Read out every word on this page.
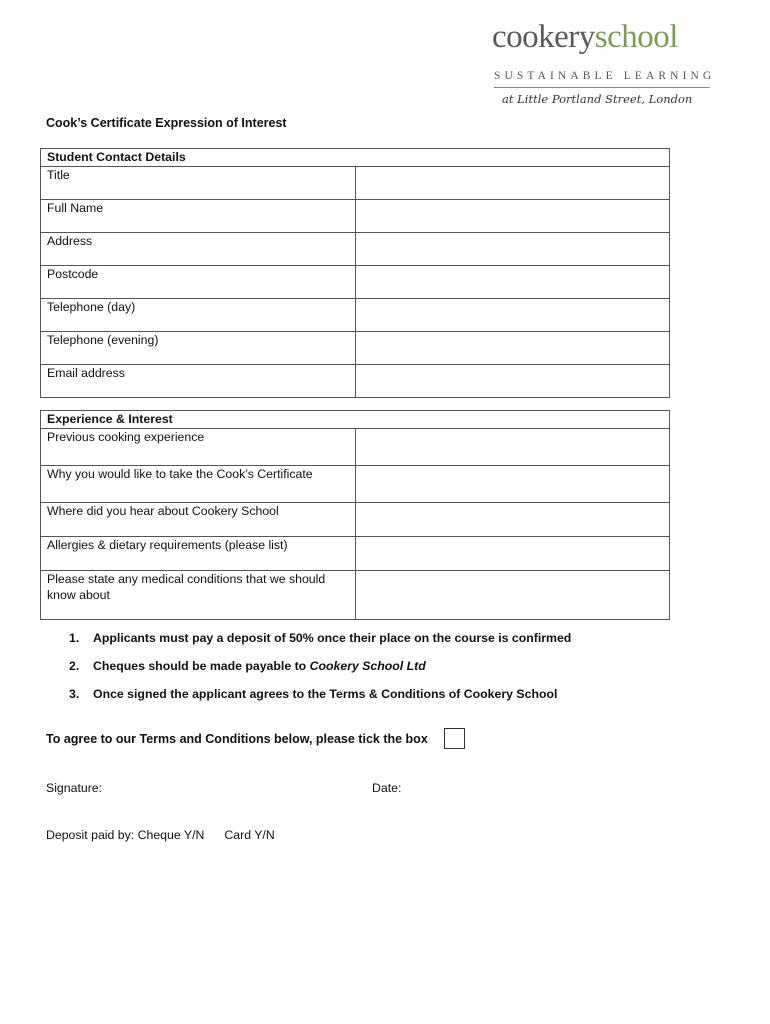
cookeryschool
SUSTAINABLE LEARNING
at Little Portland Street, London
Cook’s Certificate Expression of Interest
Student Contact Details	
Title	
Full Name	
Address	
Postcode	
Telephone (day)	
Telephone (evening)	
Email address	
Experience & Interest	
Previous cooking experience	
Why you would like to take the Cook’s Certificate	
Where did you hear about Cookery School	
Allergies & dietary requirements (please list)	
Please state any medical conditions that we should know about	
1. Applicants must pay a deposit of 50% once their place on the course is confirmed
2. Cheques should be made payable to Cookery School Ltd
3. Once signed the applicant agrees to the Terms & Conditions of Cookery School
To agree to our Terms and Conditions below, please tick the box
Signature:	Date:
Deposit paid by: Cheque Y/N Card Y/N
